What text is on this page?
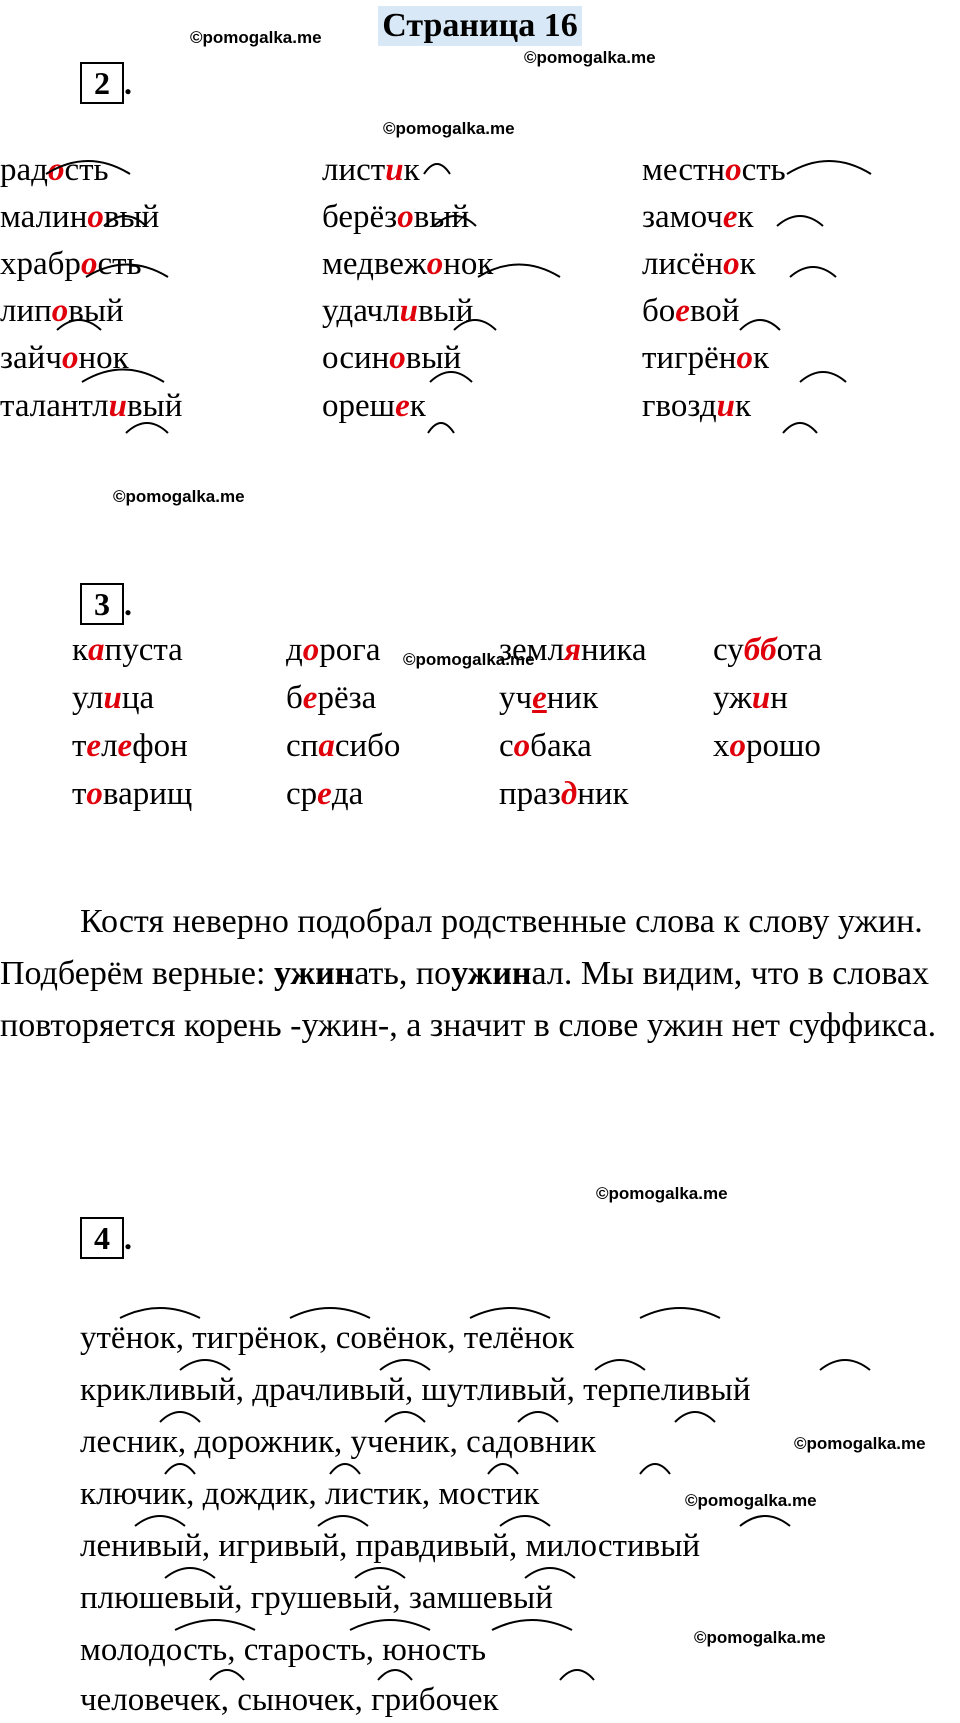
Страница 16
©pomogalka.me
©pomogalka.me
©pomogalka.me
©pomogalka.me
©pomogalka.me
©pomogalka.me
©pomogalka.me
©pomogalka.me
©pomogalka.me
2 .
радость
малиновый
храбрость
липовый
зайчонок
талантливый
листик
берёзовый
медвежонок
удачливый
осиновый
орешек
местность
замочек
лисёнок
боевой
тигрёнок
гвоздик
3 .
капуста
улица
телефон
товарищ
дорога
берёза
спасибо
среда
земляника
ученик
собака
праздник
суббота
ужин
хорошо
Костя неверно подобрал родственные слова к слову ужин. Подберём верные: ужинать, поужинал. Мы видим, что в словах повторяется корень -ужин-, а значит в слове ужин нет суффикса.
4 .
утёнок, тигрёнок, совёнок, телёнок
крикливый, драчливый, шутливый, терпеливый
лесник, дорожник, ученик, садовник
ключик, дождик, листик, мостик
ленивый, игривый, правдивый, милостивый
плюшевый, грушевый, замшевый
молодость, старость, юность
человечек, сыночек, грибочек
